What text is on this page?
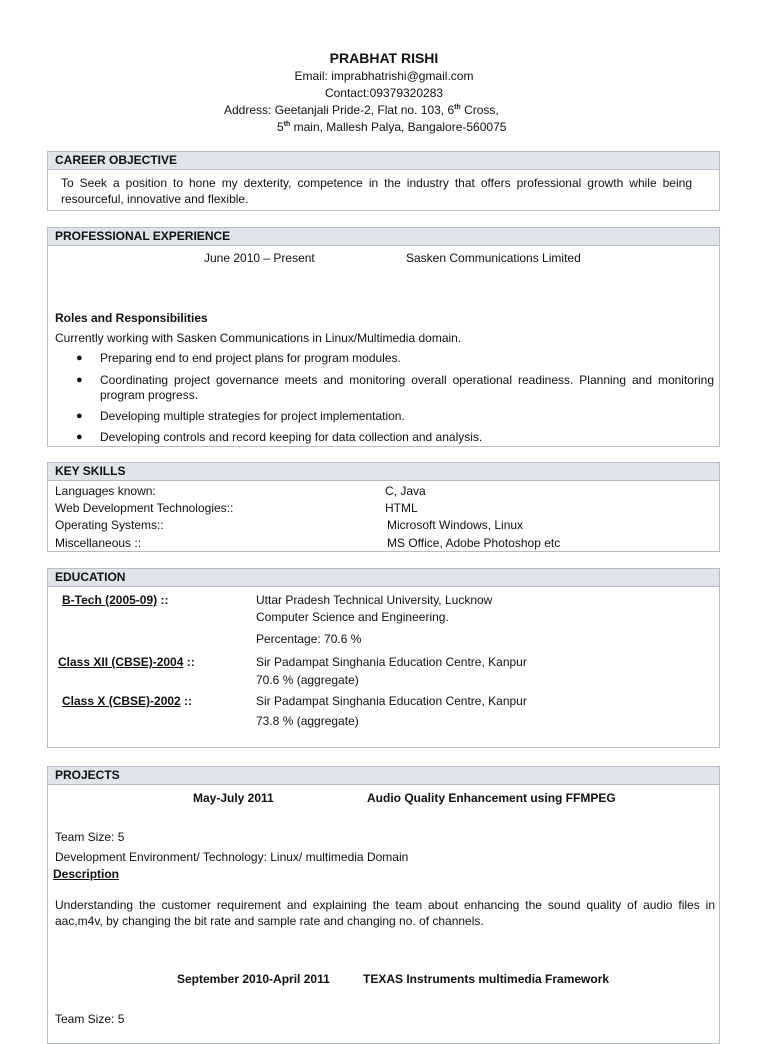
PRABHAT RISHI
Email: imprabhatrishi@gmail.com
Contact:09379320283
Address: Geetanjali Pride-2, Flat no. 103, 6th Cross,
5th main, Mallesh Palya, Bangalore-560075
CAREER OBJECTIVE
To Seek a position to hone my dexterity, competence in the industry that offers professional growth while being resourceful, innovative and flexible.
PROFESSIONAL EXPERIENCE
June 2010 – Present	Sasken Communications Limited
Roles and Responsibilities
Currently working with Sasken Communications in Linux/Multimedia domain.
● Preparing end to end project plans for program modules.
● Coordinating project governance meets and monitoring overall operational readiness. Planning and monitoring program progress.
● Developing multiple strategies for project implementation.
● Developing controls and record keeping for data collection and analysis.
KEY SKILLS
Languages known:	C, Java
Web Development Technologies::	HTML
Operating Systems::	Microsoft Windows, Linux
Miscellaneous ::	MS Office, Adobe Photoshop etc
EDUCATION
B-Tech (2005-09) ::	Uttar Pradesh Technical University, Lucknow
Computer Science and Engineering.
Percentage: 70.6 %
Class XII (CBSE)-2004 ::	Sir Padampat Singhania Education Centre, Kanpur
70.6 % (aggregate)
Class X (CBSE)-2002 ::	Sir Padampat Singhania Education Centre, Kanpur
73.8 % (aggregate)
PROJECTS
May-July 2011	Audio Quality Enhancement using FFMPEG
Team Size: 5
Development Environment/ Technology: Linux/ multimedia Domain
Description
Understanding the customer requirement and explaining the team about enhancing the sound quality of audio files in aac,m4v, by changing the bit rate and sample rate and changing no. of channels.
September 2010-April 2011	TEXAS Instruments multimedia Framework
Team Size: 5
